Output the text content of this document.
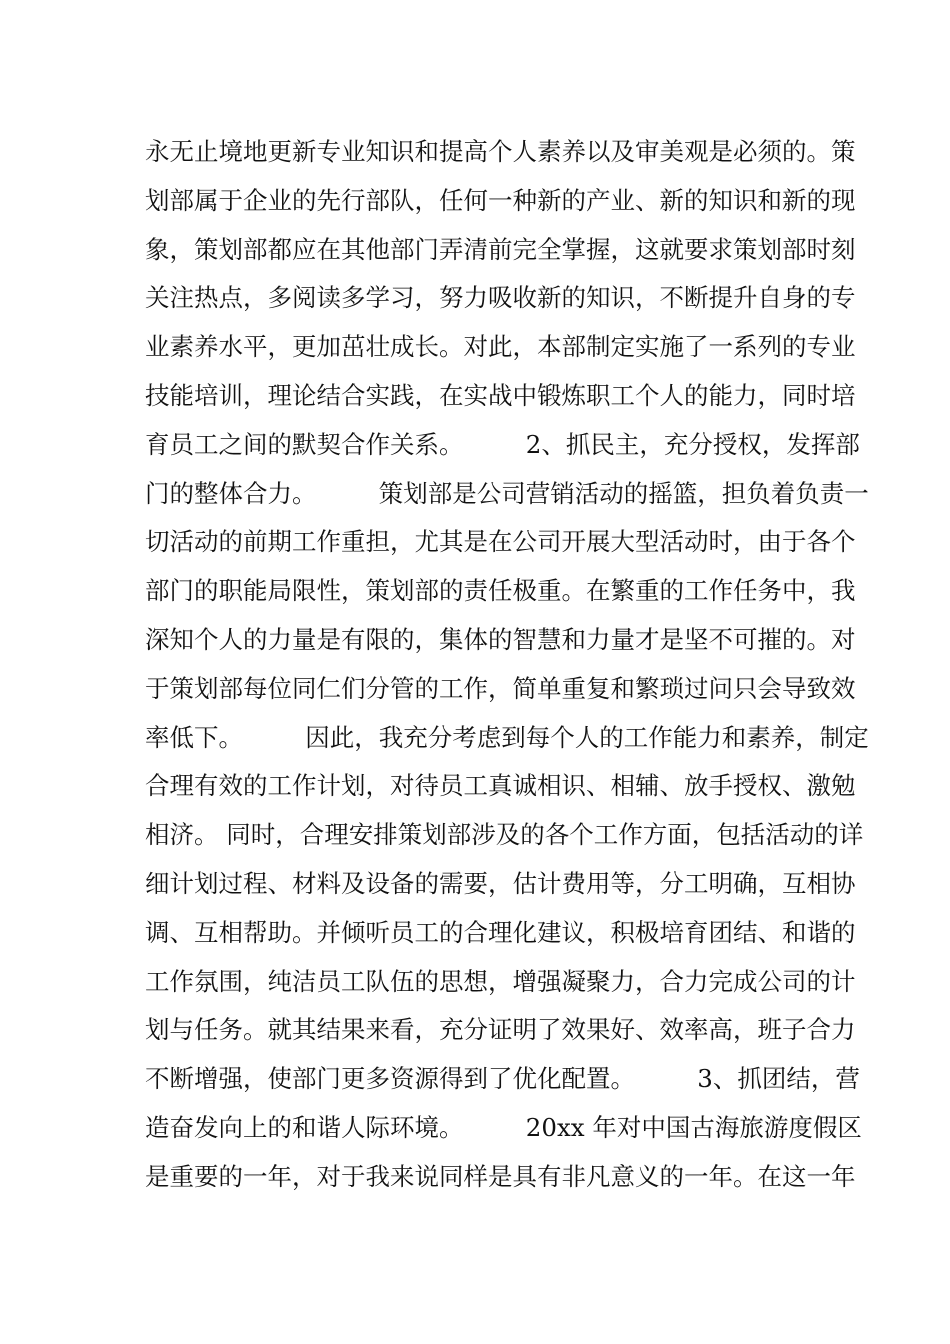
永无止境地更新专业知识和提高个人素养以及审美观是必须的。策
划部属于企业的先行部队，任何一种新的产业、新的知识和新的现
象，策划部都应在其他部门弄清前完全掌握，这就要求策划部时刻
关注热点，多阅读多学习，努力吸收新的知识，不断提升自身的专
业素养水平，更加茁壮成长。对此，本部制定实施了一系列的专业
技能培训，理论结合实践，在实战中锻炼职工个人的能力，同时培
育员工之间的默契合作关系。        2、抓民主，充分授权，发挥部
门的整体合力。        策划部是公司营销活动的摇篮，担负着负责一
切活动的前期工作重担，尤其是在公司开展大型活动时，由于各个
部门的职能局限性，策划部的责任极重。在繁重的工作任务中，我
深知个人的力量是有限的，集体的智慧和力量才是坚不可摧的。对
于策划部每位同仁们分管的工作，简单重复和繁琐过问只会导致效
率低下。        因此，我充分考虑到每个人的工作能力和素养，制定
合理有效的工作计划，对待员工真诚相识、相辅、放手授权、激勉
相济。 同时，合理安排策划部涉及的各个工作方面，包括活动的详
细计划过程、材料及设备的需要，估计费用等，分工明确，互相协
调、互相帮助。并倾听员工的合理化建议，积极培育团结、和谐的
工作氛围，纯洁员工队伍的思想，增强凝聚力，合力完成公司的计
划与任务。就其结果来看，充分证明了效果好、效率高，班子合力
不断增强，使部门更多资源得到了优化配置。        3、抓团结，营
造奋发向上的和谐人际环境。        20xx 年对中国古海旅游度假区
是重要的一年，对于我来说同样是具有非凡意义的一年。在这一年
